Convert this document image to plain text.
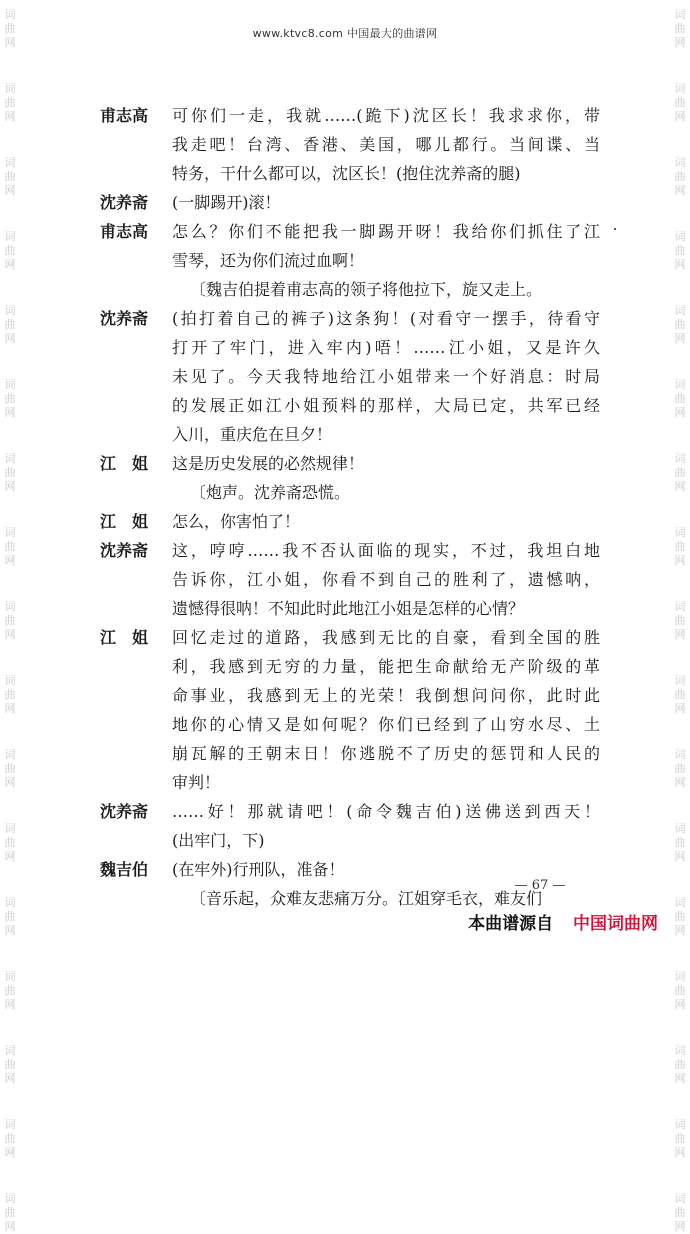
词
曲
网
词
曲
网
词
曲
网
词
曲
网
词
曲
网
词
曲
网
词
曲
网
词
曲
网
词
曲
网
词
曲
网
词
曲
网
词
曲
网
词
曲
网
词
曲
网
词
曲
网
词
曲
网
词
曲
网
词
曲
网
词
曲
网
词
曲
网
词
曲
网
词
曲
网
词
曲
网
词
曲
网
词
曲
网
词
曲
网
词
曲
网
词
曲
网
词
曲
网
词
曲
网
词
曲
网
词
曲
网
词
曲
网
词
曲
网
www.ktvc8.com 中国最大的曲谱网
甫志高	可你们一走，我就……(跪下)沈区长！我求求你，带
我走吧！台湾、香港、美国，哪儿都行。当间谍、当
特务，干什么都可以，沈区长！(抱住沈养斋的腿)
沈养斋	(一脚踢开)滚！
甫志高	怎么？你们不能把我一脚踢开呀！我给你们抓住了江
雪琴，还为你们流过血啊！
〔魏吉伯提着甫志高的领子将他拉下，旋又走上。
沈养斋	(拍打着自己的裤子)这条狗！(对看守一摆手，待看守
打开了牢门，进入牢内)唔！……江小姐，又是许久
未见了。今天我特地给江小姐带来一个好消息：时局
的发展正如江小姐预料的那样，大局已定，共军已经
入川，重庆危在旦夕！
江　姐	这是历史发展的必然规律！
〔炮声。沈养斋恐慌。
江　姐	怎么，你害怕了！
沈养斋	这，哼哼……我不否认面临的现实，不过，我坦白地
告诉你，江小姐，你看不到自己的胜利了，遗憾呐，
遗憾得很呐！不知此时此地江小姐是怎样的心情？
江　姐	回忆走过的道路，我感到无比的自豪，看到全国的胜
利，我感到无穷的力量，能把生命献给无产阶级的革
命事业，我感到无上的光荣！我倒想问问你，此时此
地你的心情又是如何呢？你们已经到了山穷水尽、土
崩瓦解的王朝末日！你逃脱不了历史的惩罚和人民的
审判！
沈养斋	……好！那就请吧！(命令魏吉伯)送佛送到西天！
(出牢门，下)
魏吉伯	(在牢外)行刑队，准备！
〔音乐起，众难友悲痛万分。江姐穿毛衣，难友们
— 67 —
本曲谱源自 中国词曲网
